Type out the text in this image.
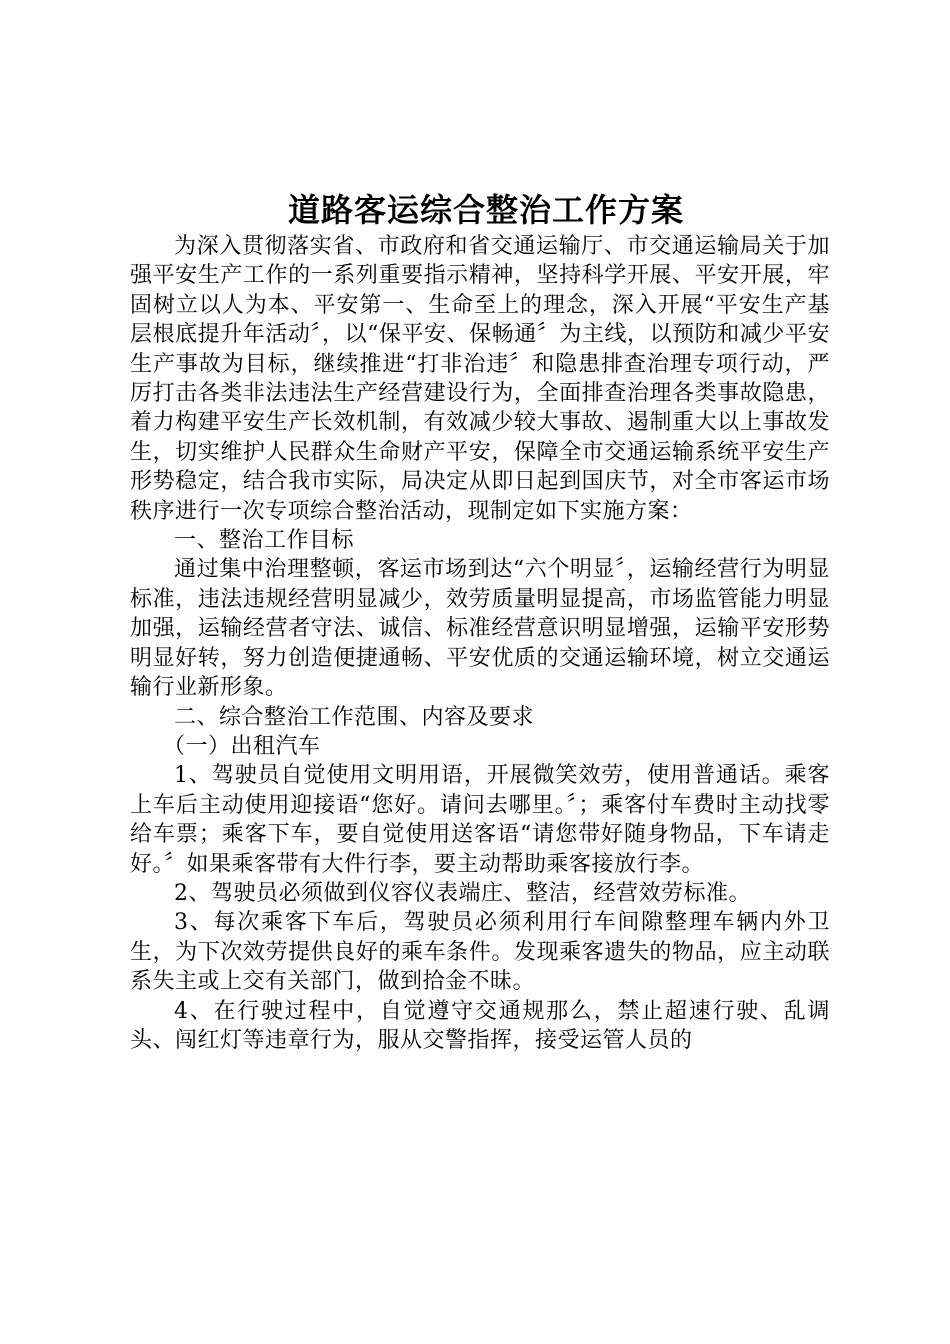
道路客运综合整治工作方案

为深入贯彻落实省、市政府和省交通运输厅、市交通运输局关于加强平安生产工作的一系列重要指示精神，坚持科学开展、平安开展，牢固树立以人为本、平安第一、生命至上的理念，深入开展“平安生产基层根底提升年活动〞，以“保平安、保畅通〞为主线，以预防和减少平安生产事故为目标，继续推进“打非治违〞和隐患排查治理专项行动，严厉打击各类非法违法生产经营建设行为，全面排查治理各类事故隐患，着力构建平安生产长效机制，有效减少较大事故、遏制重大以上事故发生，切实维护人民群众生命财产平安，保障全市交通运输系统平安生产形势稳定，结合我市实际，局决定从即日起到国庆节，对全市客运市场秩序进行一次专项综合整治活动，现制定如下实施方案：

一、整治工作目标

通过集中治理整顿，客运市场到达“六个明显〞，运输经营行为明显标准，违法违规经营明显减少，效劳质量明显提高，市场监管能力明显加强，运输经营者守法、诚信、标准经营意识明显增强，运输平安形势明显好转，努力创造便捷通畅、平安优质的交通运输环境，树立交通运输行业新形象。

二、综合整治工作范围、内容及要求

（一）出租汽车

1、驾驶员自觉使用文明用语，开展微笑效劳，使用普通话。乘客上车后主动使用迎接语“您好。请问去哪里。〞；乘客付车费时主动找零给车票；乘客下车，要自觉使用送客语“请您带好随身物品，下车请走好。〞如果乘客带有大件行李，要主动帮助乘客接放行李。

2、驾驶员必须做到仪容仪表端庄、整洁，经营效劳标准。

3、每次乘客下车后，驾驶员必须利用行车间隙整理车辆内外卫生，为下次效劳提供良好的乘车条件。发现乘客遗失的物品，应主动联系失主或上交有关部门，做到拾金不昧。

4、在行驶过程中，自觉遵守交通规那么，禁止超速行驶、乱调头、闯红灯等违章行为，服从交警指挥，接受运管人员的
